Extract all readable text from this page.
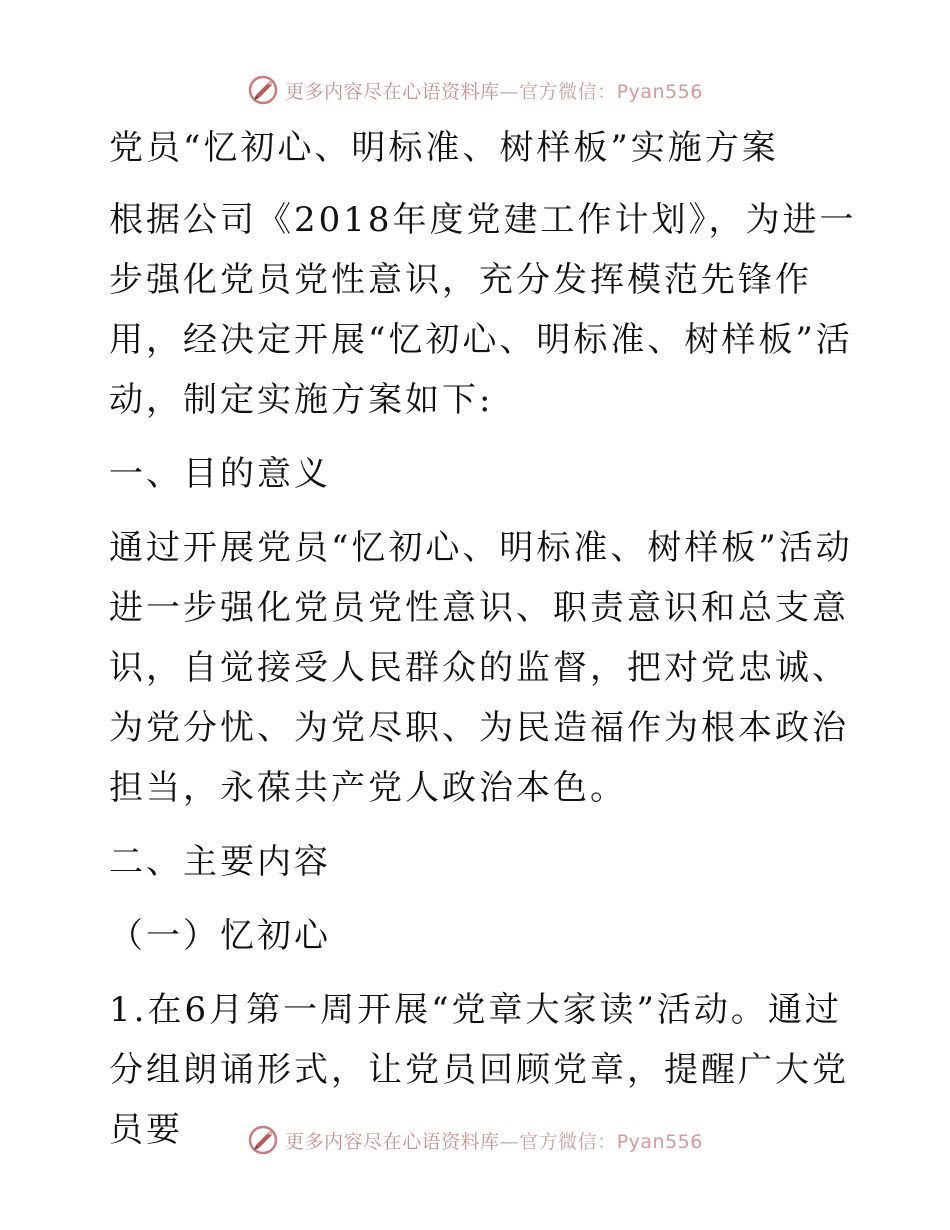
更多内容尽在心语资料库—官方微信：Pyan556

党员“忆初心、明标准、树样板”实施方案

根据公司《2018年度党建工作计划》，为进一步强化党员党性意识，充分发挥模范先锋作用，经决定开展“忆初心、明标准、树样板”活动，制定实施方案如下:

一、目的意义

通过开展党员“忆初心、明标准、树样板”活动进一步强化党员党性意识、职责意识和总支意识，自觉接受人民群众的监督，把对党忠诚、为党分忧、为党尽职、为民造福作为根本政治担当，永葆共产党人政治本色。

二、主要内容

（一）忆初心

1.在6月第一周开展“党章大家读”活动。通过分组朗诵形式，让党员回顾党章，提醒广大党员要	更多内容尽在心语资料库—官方微信：Pyan556
